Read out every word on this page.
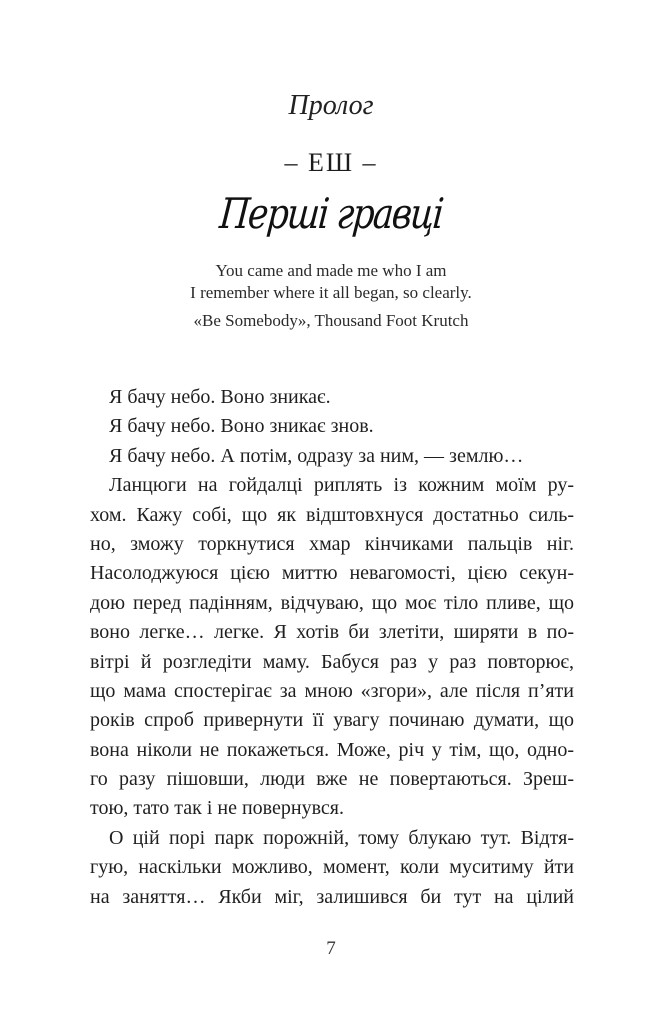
Пролог
– ЕШ –
Перші гравці
You came and made me who I am
I remember where it all began, so clearly.
«Be Somebody», Thousand Foot Krutch
Я бачу небо. Воно зникає.
Я бачу небо. Воно зникає знов.
Я бачу небо. А потім, одразу за ним, — землю…
Ланцюги на гойдалці риплять із кожним моїм ру-
хом. Кажу собі, що як відштовхнуся достатньо силь-
но, зможу торкнутися хмар кінчиками пальців ніг.
Насолоджуюся цією миттю невагомості, цією секун-
дою перед падінням, відчуваю, що моє тіло пливе, що
воно легке… легке. Я хотів би злетіти, ширяти в по-
вітрі й розгледіти маму. Бабуся раз у раз повторює,
що мама спостерігає за мною «згори», але після п’яти
років спроб привернути її увагу починаю думати, що
вона ніколи не покажеться. Може, річ у тім, що, одно-
го разу пішовши, люди вже не повертаються. Зреш-
тою, тато так і не повернувся.
О цій порі парк порожній, тому блукаю тут. Відтя-
гую, наскільки можливо, момент, коли муситиму йти
на заняття… Якби міг, залишився би тут на цілий
7
